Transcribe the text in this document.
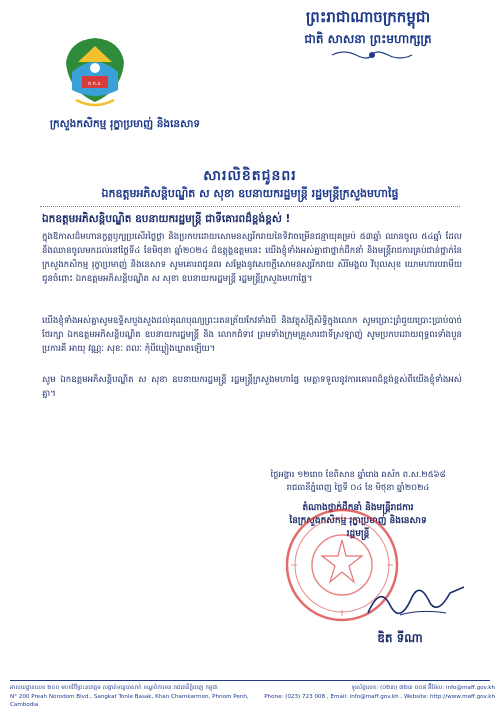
ព្រះរាជាណាចក្រកម្ពុជា
ជាតិ សាសនា ព្រះមហាក្សត្រ
គ.ក.ន.
ក្រសួងកសិកម្ម រុក្ខាប្រមាញ់ និងនេសាទ
សារលិខិតជូនពរ
ឯកឧត្តមអភិសន្តិបណ្ឌិត ស សុខា ឧបនាយករដ្ឋមន្ត្រី រដ្ឋមន្ត្រីក្រសួងមហាផ្ទៃ
ឯកឧត្តមអភិសន្តិបណ្ឌិត ឧបនាយករដ្ឋមន្ត្រី ជាទីគោរពដ៏ខ្ពង់ខ្ពស់ !
ក្នុងឱកាសដ៏មហានក្ខត្តឫក្សប្រសើរថ្លៃថ្លា និងប្រកបដោយសោមនស្សរីករាយនៃទិវាចម្រើនជន្មាយុគម្រប់ ៥៣ឆ្នាំ ឈានចូល ៥៤ឆ្នាំ ដែលនឹងឈានចូលមកដល់នៅថ្ងៃទី៤ ខែមិថុនា ឆ្នាំ២០២៤ ដ៏ឧត្តុង្គឧត្តមនេះ យើងខ្ញុំទាំងអស់គ្នាជាថ្នាក់ដឹកនាំ និងមន្ត្រីរាជការគ្រប់ជាន់ថ្នាក់នៃក្រសួងកសិកម្ម រុក្ខាប្រមាញ់ និងនេសាទ សូមគោរពជូនពរ សម្ដែងនូវសេចក្ដីសោមនស្សរីករាយ សិរីមង្គល វិបុលសុខ ឃោមហារបរាមីយ ជូនចំពោះ ឯកឧត្តមអភិសន្តិបណ្ឌិត ស សុខា ឧបនាយករដ្ឋមន្ត្រី រដ្ឋមន្ត្រីក្រសួងមហាផ្ទៃ។
យើងខ្ញុំទាំងអស់គ្នាសូមឧទ្ទិសបួងសួងដល់គុណបុណ្យព្រះរតនត្រ័យកែវទាំងបី និងវត្ថុស័ក្តិសិទ្ធិក្នុងលោក សូមប្រោះព្រំជួយប្រោះប្រាប់បាច់ថែរក្សា ឯកឧត្តមអភិសន្តិបណ្ឌិត ឧបនាយករដ្ឋមន្ត្រី និង លោកជំទាវ ព្រមទាំងក្រុមគ្រួសារជាទីស្រឡាញ់ សូមប្រកបដោយពុទ្ធពរទាំងបួនប្រការគឺ អាយុ វណ្ណៈ សុខៈ ពលៈ កុំបីឃ្លៀងឃ្លាតឡើយ។
សូម ឯកឧត្តមអភិសន្តិបណ្ឌិត ស សុខា ឧបនាយករដ្ឋមន្ត្រី រដ្ឋមន្ត្រីក្រសួងមហាផ្ទៃ មេត្តាទទួលនូវការគោរពដ៏ខ្ពង់ខ្ពស់ពីយើងខ្ញុំទាំងអស់គ្នា។
ថ្ងៃអង្គារ ១២រោច ខែពិសាខ ឆ្នាំរោង ឆស័ក ព.ស.២៥៦៨
រាជធានីភ្នំពេញ ថ្ងៃទី ០៤ ខែ មិថុនា ឆ្នាំ២០២៤
តំណាងថ្នាក់ដឹកនាំ និងមន្ត្រីរាជការ
នៃក្រសួងកសិកម្ម រុក្ខាប្រមាញ់ និងនេសាទ
រដ្ឋមន្ត្រី
ឌិត ទីណា
អាសយដ្ឋានលេខ ២០០ មហាវិថីព្រះនរោត្តម សង្កាត់ទន្លេបាសាក់ ខណ្ឌចំការមន រាជធានីភ្នំពេញ កម្ពុជា
N° 200 Preah Norodom Blvd., Sangkat Tonle Basak, Khan Chamkarmon, Phnom Penh, Cambodia
ទូរស័ព្ទលេខ: (០២៣) ៧២៣ ០០៨ អ៊ីម៉ែល: info@maff.gov.kh
Phone: (023) 723 008 , Email: info@maff.gov.kh , Website: http://www.maff.gov.kh
